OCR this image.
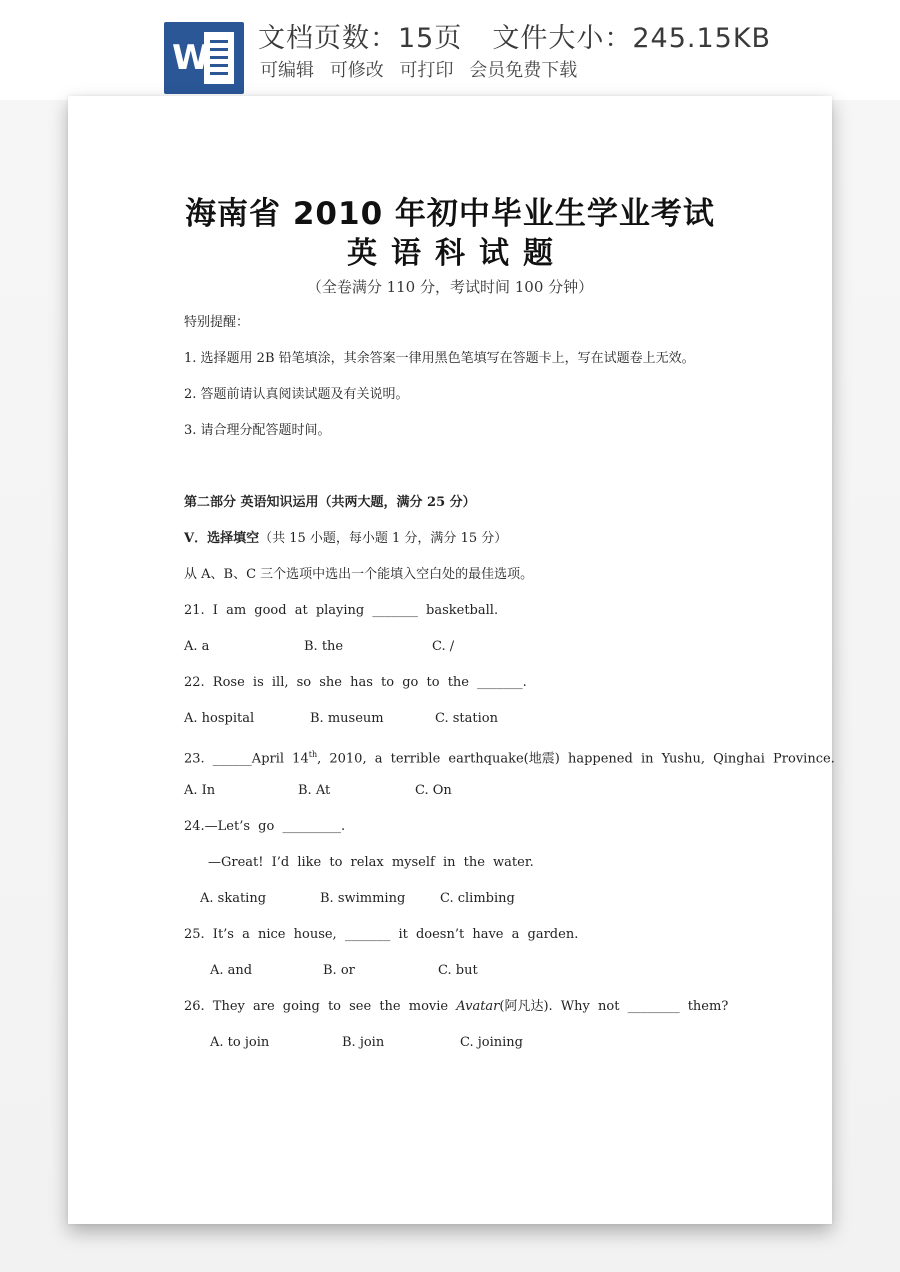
W 文档页数：15页 文件大小：245.15KB
可编辑 可修改 可打印 会员免费下载
海南省 2010 年初中毕业生学业考试
英语科试题
（全卷满分 110 分，考试时间 100 分钟）
特别提醒：
1. 选择题用 2B 铅笔填涂，其余答案一律用黑色笔填写在答题卡上，写在试题卷上无效。
2. 答题前请认真阅读试题及有关说明。
3. 请合理分配答题时间。
第二部分 英语知识运用（共两大题，满分 25 分）
V．选择填空（共 15 小题，每小题 1 分，满分 15 分）
从 A、B、C 三个选项中选出一个能填入空白处的最佳选项。
21. I am good at playing _______ basketball.
A. a	B. the	C. /
22. Rose is ill, so she has to go to the _______.
A. hospital	B. museum	C. station
23. ______April 14th, 2010, a terrible earthquake(地震) happened in Yushu, Qinghai Province.
A. In	B. At	C. On
24.—Let’s go _________.
—Great! I’d like to relax myself in the water.
A. skating	B. swimming	C. climbing
25. It’s a nice house, _______ it doesn’t have a garden.
A. and	B. or	C. but
26. They are going to see the movie Avatar(阿凡达). Why not ________ them?
A. to join	B. join	C. joining
